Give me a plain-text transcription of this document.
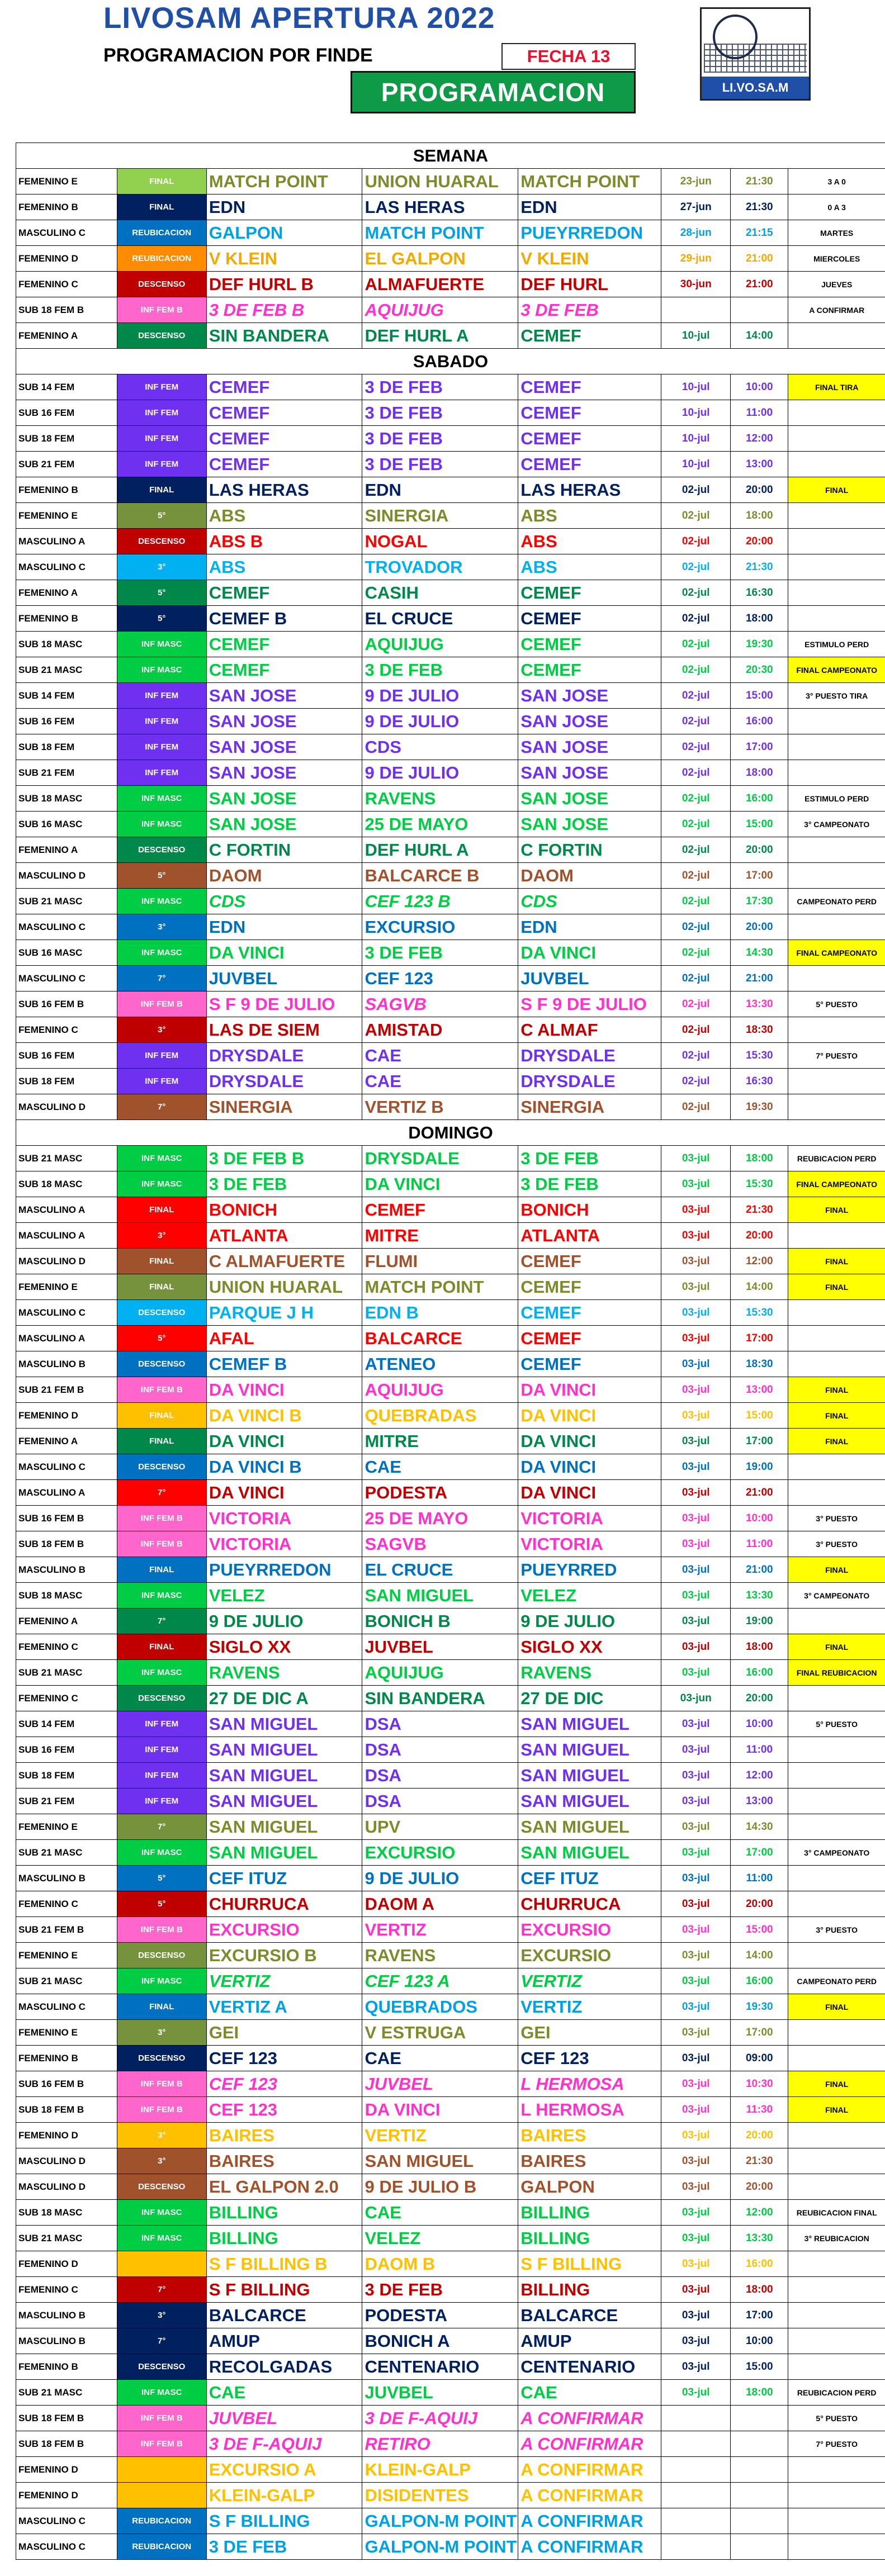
LIVOSAM APERTURA 2022
PROGRAMACION POR FINDE	FECHA 13
PROGRAMACION	LI.VO.SA.M
SEMANA							
FEMENINO E	FINAL	MATCH POINT	UNION HUARAL	MATCH POINT	23-jun	21:30	3 A 0
FEMENINO B	FINAL	EDN	LAS HERAS	EDN	27-jun	21:30	0 A 3
MASCULINO C	REUBICACION	GALPON	MATCH POINT	PUEYRREDON	28-jun	21:15	MARTES
FEMENINO D	REUBICACION	V KLEIN	EL GALPON	V KLEIN	29-jun	21:00	MIERCOLES
FEMENINO C	DESCENSO	DEF HURL B	ALMAFUERTE	DEF HURL	30-jun	21:00	JUEVES
SUB 18 FEM B	INF FEM B	3 DE FEB B	AQUIJUG	3 DE FEB			A CONFIRMAR
FEMENINO A	DESCENSO	SIN BANDERA	DEF HURL A	CEMEF	10-jul	14:00	
SABADO							
SUB 14 FEM	INF FEM	CEMEF	3 DE FEB	CEMEF	10-jul	10:00	FINAL TIRA
SUB 16 FEM	INF FEM	CEMEF	3 DE FEB	CEMEF	10-jul	11:00	
SUB 18 FEM	INF FEM	CEMEF	3 DE FEB	CEMEF	10-jul	12:00	
SUB 21 FEM	INF FEM	CEMEF	3 DE FEB	CEMEF	10-jul	13:00	
FEMENINO B	FINAL	LAS HERAS	EDN	LAS HERAS	02-jul	20:00	FINAL
FEMENINO E	5°	ABS	SINERGIA	ABS	02-jul	18:00	
MASCULINO A	DESCENSO	ABS B	NOGAL	ABS	02-jul	20:00	
MASCULINO C	3°	ABS	TROVADOR	ABS	02-jul	21:30	
FEMENINO A	5°	CEMEF	CASIH	CEMEF	02-jul	16:30	
FEMENINO B	5°	CEMEF B	EL CRUCE	CEMEF	02-jul	18:00	
SUB 18 MASC	INF MASC	CEMEF	AQUIJUG	CEMEF	02-jul	19:30	ESTIMULO PERD
SUB 21 MASC	INF MASC	CEMEF	3 DE FEB	CEMEF	02-jul	20:30	FINAL CAMPEONATO
SUB 14 FEM	INF FEM	SAN JOSE	9 DE JULIO	SAN JOSE	02-jul	15:00	3° PUESTO TIRA
SUB 16 FEM	INF FEM	SAN JOSE	9 DE JULIO	SAN JOSE	02-jul	16:00	
SUB 18 FEM	INF FEM	SAN JOSE	CDS	SAN JOSE	02-jul	17:00	
SUB 21 FEM	INF FEM	SAN JOSE	9 DE JULIO	SAN JOSE	02-jul	18:00	
SUB 18 MASC	INF MASC	SAN JOSE	RAVENS	SAN JOSE	02-jul	16:00	ESTIMULO PERD
SUB 16 MASC	INF MASC	SAN JOSE	25 DE MAYO	SAN JOSE	02-jul	15:00	3° CAMPEONATO
FEMENINO A	DESCENSO	C FORTIN	DEF HURL A	C FORTIN	02-jul	20:00	
MASCULINO D	5°	DAOM	BALCARCE B	DAOM	02-jul	17:00	
SUB 21 MASC	INF MASC	CDS	CEF 123 B	CDS	02-jul	17:30	CAMPEONATO PERD
MASCULINO C	3°	EDN	EXCURSIO	EDN	02-jul	20:00	
SUB 16 MASC	INF MASC	DA VINCI	3 DE FEB	DA VINCI	02-jul	14:30	FINAL CAMPEONATO
MASCULINO C	7°	JUVBEL	CEF 123	JUVBEL	02-jul	21:00	
SUB 16 FEM B	INF FEM B	S F 9 DE JULIO	SAGVB	S F 9 DE JULIO	02-jul	13:30	5° PUESTO
FEMENINO C	3°	LAS DE SIEM	AMISTAD	C ALMAF	02-jul	18:30	
SUB 16 FEM	INF FEM	DRYSDALE	CAE	DRYSDALE	02-jul	15:30	7° PUESTO
SUB 18 FEM	INF FEM	DRYSDALE	CAE	DRYSDALE	02-jul	16:30	
MASCULINO D	7°	SINERGIA	VERTIZ B	SINERGIA	02-jul	19:30	
DOMINGO							
SUB 21 MASC	INF MASC	3 DE FEB B	DRYSDALE	3 DE FEB	03-jul	18:00	REUBICACION PERD
SUB 18 MASC	INF MASC	3 DE FEB	DA VINCI	3 DE FEB	03-jul	15:30	FINAL CAMPEONATO
MASCULINO A	FINAL	BONICH	CEMEF	BONICH	03-jul	21:30	FINAL
MASCULINO A	3°	ATLANTA	MITRE	ATLANTA	03-jul	20:00	
MASCULINO D	FINAL	C ALMAFUERTE	FLUMI	CEMEF	03-jul	12:00	FINAL
FEMENINO E	FINAL	UNION HUARAL	MATCH POINT	CEMEF	03-jul	14:00	FINAL
MASCULINO C	DESCENSO	PARQUE J H	EDN B	CEMEF	03-jul	15:30	
MASCULINO A	5°	AFAL	BALCARCE	CEMEF	03-jul	17:00	
MASCULINO B	DESCENSO	CEMEF B	ATENEO	CEMEF	03-jul	18:30	
SUB 21 FEM B	INF FEM B	DA VINCI	AQUIJUG	DA VINCI	03-jul	13:00	FINAL
FEMENINO D	FINAL	DA VINCI B	QUEBRADAS	DA VINCI	03-jul	15:00	FINAL
FEMENINO A	FINAL	DA VINCI	MITRE	DA VINCI	03-jul	17:00	FINAL
MASCULINO C	DESCENSO	DA VINCI B	CAE	DA VINCI	03-jul	19:00	
MASCULINO A	7°	DA VINCI	PODESTA	DA VINCI	03-jul	21:00	
SUB 16 FEM B	INF FEM B	VICTORIA	25 DE MAYO	VICTORIA	03-jul	10:00	3° PUESTO
SUB 18 FEM B	INF FEM B	VICTORIA	SAGVB	VICTORIA	03-jul	11:00	3° PUESTO
MASCULINO B	FINAL	PUEYRREDON	EL CRUCE	PUEYRRED	03-jul	21:00	FINAL
SUB 18 MASC	INF MASC	VELEZ	SAN MIGUEL	VELEZ	03-jul	13:30	3° CAMPEONATO
FEMENINO A	7°	9 DE JULIO	BONICH B	9 DE JULIO	03-jul	19:00	
FEMENINO C	FINAL	SIGLO XX	JUVBEL	SIGLO XX	03-jul	18:00	FINAL
SUB 21 MASC	INF MASC	RAVENS	AQUIJUG	RAVENS	03-jul	16:00	FINAL REUBICACION
FEMENINO C	DESCENSO	27 DE DIC A	SIN BANDERA	27 DE DIC	03-jun	20:00	
SUB 14 FEM	INF FEM	SAN MIGUEL	DSA	SAN MIGUEL	03-jul	10:00	5° PUESTO
SUB 16 FEM	INF FEM	SAN MIGUEL	DSA	SAN MIGUEL	03-jul	11:00	
SUB 18 FEM	INF FEM	SAN MIGUEL	DSA	SAN MIGUEL	03-jul	12:00	
SUB 21 FEM	INF FEM	SAN MIGUEL	DSA	SAN MIGUEL	03-jul	13:00	
FEMENINO E	7°	SAN MIGUEL	UPV	SAN MIGUEL	03-jul	14:30	
SUB 21 MASC	INF MASC	SAN MIGUEL	EXCURSIO	SAN MIGUEL	03-jul	17:00	3° CAMPEONATO
MASCULINO B	5°	CEF ITUZ	9 DE JULIO	CEF ITUZ	03-jul	11:00	
FEMENINO C	5°	CHURRUCA	DAOM A	CHURRUCA	03-jul	20:00	
SUB 21 FEM B	INF FEM B	EXCURSIO	VERTIZ	EXCURSIO	03-jul	15:00	3° PUESTO
FEMENINO E	DESCENSO	EXCURSIO B	RAVENS	EXCURSIO	03-jul	14:00	
SUB 21 MASC	INF MASC	VERTIZ	CEF 123 A	VERTIZ	03-jul	16:00	CAMPEONATO PERD
MASCULINO C	FINAL	VERTIZ A	QUEBRADOS	VERTIZ	03-jul	19:30	FINAL
FEMENINO E	3°	GEI	V ESTRUGA	GEI	03-jul	17:00	
FEMENINO B	DESCENSO	CEF 123	CAE	CEF 123	03-jul	09:00	
SUB 16 FEM B	INF FEM B	CEF 123	JUVBEL	L HERMOSA	03-jul	10:30	FINAL
SUB 18 FEM B	INF FEM B	CEF 123	DA VINCI	L HERMOSA	03-jul	11:30	FINAL
FEMENINO D	3°	BAIRES	VERTIZ	BAIRES	03-jul	20:00	
MASCULINO D	3°	BAIRES	SAN MIGUEL	BAIRES	03-jul	21:30	
MASCULINO D	DESCENSO	EL GALPON 2.0	9 DE JULIO B	GALPON	03-jul	20:00	
SUB 18 MASC	INF MASC	BILLING	CAE	BILLING	03-jul	12:00	REUBICACION FINAL
SUB 21 MASC	INF MASC	BILLING	VELEZ	BILLING	03-jul	13:30	3° REUBICACION
FEMENINO D		S F BILLING B	DAOM B	S F BILLING	03-jul	16:00	
FEMENINO C	7°	S F BILLING	3 DE FEB	BILLING	03-jul	18:00	
MASCULINO B	3°	BALCARCE	PODESTA	BALCARCE	03-jul	17:00	
MASCULINO B	7°	AMUP	BONICH A	AMUP	03-jul	10:00	
FEMENINO B	DESCENSO	RECOLGADAS	CENTENARIO	CENTENARIO	03-jul	15:00	
SUB 21 MASC	INF MASC	CAE	JUVBEL	CAE	03-jul	18:00	REUBICACION PERD
SUB 18 FEM B	INF FEM B	JUVBEL	3 DE F-AQUIJ	A CONFIRMAR			5° PUESTO
SUB 18 FEM B	INF FEM B	3 DE F-AQUIJ	RETIRO	A CONFIRMAR			7° PUESTO
FEMENINO D		EXCURSIO A	KLEIN-GALP	A CONFIRMAR			
FEMENINO D		KLEIN-GALP	DISIDENTES	A CONFIRMAR			
MASCULINO C	REUBICACION	S F BILLING	GALPON-M POINT	A CONFIRMAR			
MASCULINO C	REUBICACION	3 DE FEB	GALPON-M POINT	A CONFIRMAR			
